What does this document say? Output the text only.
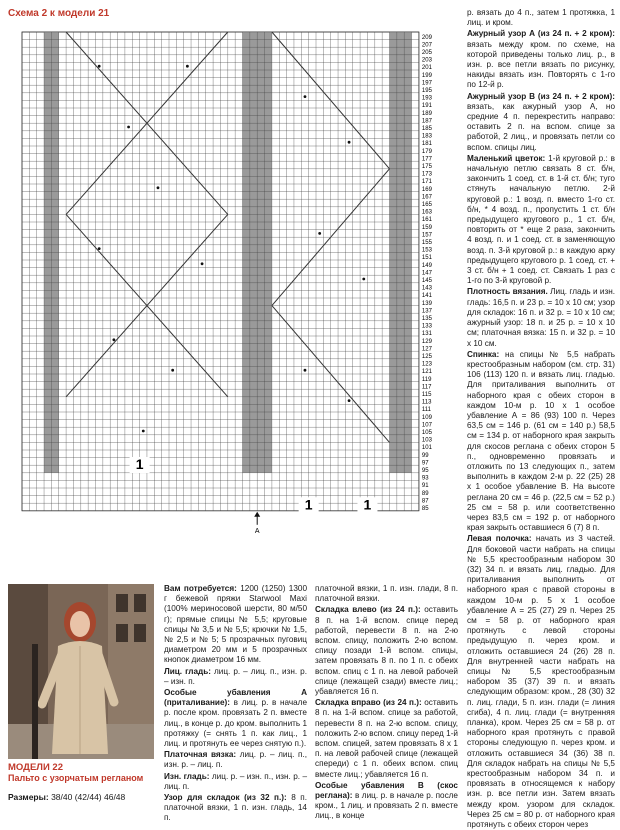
Схема 2 к модели 21
1
1	1
209
207
205
203
201
199
197
195
193
191
189
187
185
183
181
179
177
175
173
171
169
167
165
163
161
159
157
155
153
151
149
147
145
143
141
139
137
135
133
131
129
127
125
123
121
119
117
115
113
111
109
107
105
103
101
99
97
95
93
91
89
87
85
A
р. вязать до 4 п., затем 1 протяжка, 1 лиц. и кром.
Ажурный узор А (из 24 п. + 2 кром): вязать между кром. по схеме, на которой приведены только лиц. р., в изн. р. все петли вязать по рисунку, накиды вязать изн. Повторять с 1-го по 12-й р.
Ажурный узор В (из 24 п. + 2 кром): вязать, как ажурный узор А, но средние 4 п. перекрестить направо: оставить 2 п. на вспом. спице за работой, 2 лиц., и провязать петли со вспом. спицы лиц.
Маленький цветок: 1-й круговой р.: в начальную петлю связать 8 ст. б/н, закончить 1 соед. ст. в 1-й ст. б/н; туго стянуть начальную петлю. 2-й круговой р.: 1 возд. п. вместо 1-го ст. б/н, * 4 возд. п., пропустить 1 ст. б/н предыдущего кругового р., 1 ст. б/н, повторить от * еще 2 раза, закончить 4 возд. п. и 1 соед. ст. в заменяющую возд. п. 3-й круговой р.: в каждую арку предыдущего кругового р. 1 соед. ст. + 3 ст. б/н + 1 соед. ст. Связать 1 раз с 1-го по 3-й круговой р.
Плотность вязания. Лиц. гладь и изн. гладь: 16,5 п. и 23 р. = 10 x 10 см; узор для складок: 16 п. и 32 р. = 10 x 10 см; ажурный узор: 18 п. и 25 р. = 10 x 10 см; платочная вязка: 15 п. и 32 р. = 10 x 10 см.
Спинка: на спицы № 5,5 набрать крестообразным набором (см. стр. 31) 106 (113) 120 п. и вязать лиц. гладью. Для приталивания выполнить от наборного края с обеих сторон в каждом 10-м р. 10 x 1 особое убавление А = 86 (93) 100 п. Через 63,5 см = 146 р. (61 см = 140 р.) 58,5 см = 134 р. от наборного края закрыть для скосов реглана с обеих сторон 5 п., одновременно провязать и отложить по 13 следующих п., затем выполнить в каждом 2-м р. 22 (25) 28 x 1 особое убавление В. На высоте реглана 20 см = 46 р. (22,5 см = 52 р.) 25 см = 58 р. или соответственно через 83,5 см = 192 р. от наборного края закрыть оставшиеся 6 (7) 8 п.
Левая полочка: начать из 3 частей. Для боковой части набрать на спицы № 5,5 крестообразным набором 30 (32) 34 п. и вязать лиц. гладью. Для приталивания выполнить от наборного края с правой стороны в каждом 10-м р. 5 x 1 особое убавление А = 25 (27) 29 п. Через 25 см = 58 р. от наборного края протянуть с левой стороны предыдущую п. через кром. и отложить оставшиеся 24 (26) 28 п. Для внутренней части набрать на спицы № 5,5 крестообразным набором 35 (37) 39 п. и вязать следующим образом: кром., 28 (30) 32 п. лиц. глади, 5 п. изн. глади (= линия сгиба), 4 п. лиц. глади (= внутренняя планка), кром. Через 25 см = 58 р. от наборного края протянуть с правой стороны следующую п. через кром. и отложить оставшиеся 34 (36) 38 п. Для складок набрать на спицы № 5,5 крестообразным набором 34 п. и провязать в относящемся к набору изн. р. все петли изн. Затем вязать между кром. узором для складок. Через 25 см = 80 р. от наборного края протянуть с обеих сторон через
МОДЕЛИ 22
Пальто с узорчатым регланом
Размеры: 38/40 (42/44) 46/48
Вам потребуется: 1200 (1250) 1300 г бежевой пряжи Starwool Maxi (100% мериносовой шерсти, 80 м/50 г); прямые спицы № 5,5; круговые спицы № 3,5 и № 5,5; крючки № 1,5, № 2,5 и № 5; 5 прозрачных пуговиц диаметром 20 мм и 5 прозрачных кнопок диаметром 16 мм.
Лиц. гладь: лиц. р. – лиц. п., изн. р. – изн. п.
Особые убавления А (приталивание): в лиц. р. в начале р. после кром. провязать 2 п. вместе лиц., в конце р. до кром. выполнить 1 протяжку (= снять 1 п. как лиц., 1 лиц. и протянуть ее через снятую п.).
Платочная вязка: лиц. р. – лиц. п., изн. р. – лиц. п.
Изн. гладь: лиц. р. – изн. п., изн. р. – лиц. п.
Узор для складок (из 32 п.): 8 п. платочной вязки, 1 п. изн. гладь, 14 п.
платочной вязки, 1 п. изн. глади, 8 п. платочной вязки.
Складка влево (из 24 п.): оставить 8 п. на 1-й вспом. спице перед работой, перевести 8 п. на 2-ю вспом. спицу, положить 2-ю вспом. спицу позади 1-й вспом. спицы, затем провязать 8 п. по 1 п. с обеих вспом. спиц с 1 п. на левой рабочей спице (лежащей сзади) вместе лиц.; убавляется 16 п.
Складка вправо (из 24 п.): оставить 8 п. на 1-й вспом. спице за работой, перевести 8 п. на 2-ю вспом. спицу, положить 2-ю вспом. спицу перед 1-й вспом. спицей, затем провязать 8 x 1 п. на левой рабочей спице (лежащей спереди) с 1 п. обеих вспом. спиц вместе лиц.; убавляется 16 п.
Особые убавления В (скос реглана): в лиц. р. в начале р. после кром., 1 лиц. и провязать 2 п. вместе лиц., в конце
